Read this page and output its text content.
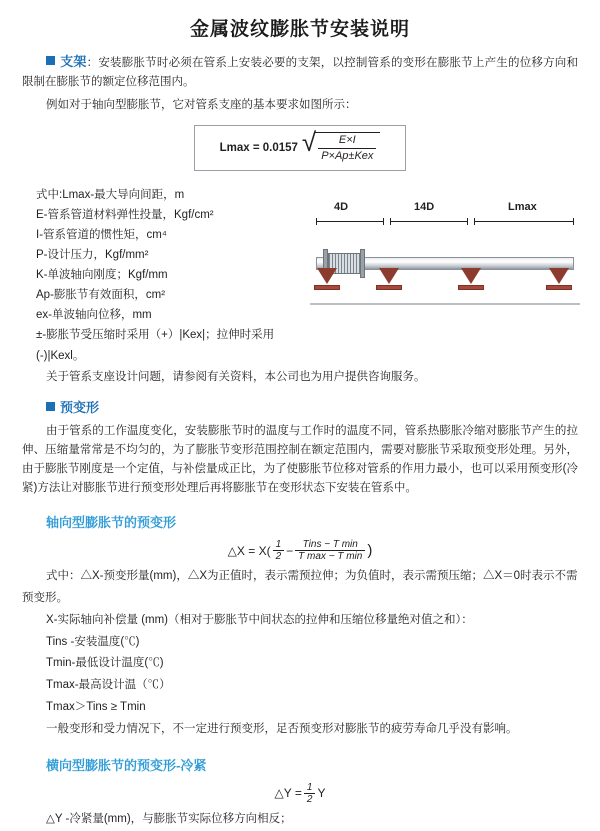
金属波纹膨胀节安装说明

支架：安装膨胀节时必须在管系上安装必要的支架，以控制管系的变形在膨胀节上产生的位移方向和限制在膨胀节的额定位移范围内。

例如对于轴向型膨胀节，它对管系支座的基本要求如图所示：

Lmax = 0.0157 √
$\frac{E\times I}{\text{P×Ap±Kex}}$
式中:Lmax-最大导向间距，m
E-管系管道材料弹性投量，Kgf/cm²
I-管系管道的惯性矩，cm⁴
P-设计压力，Kgf/mm²
K-单波轴向刚度；Kgf/mm
Ap-膨胀节有效面积，cm²
ex-单波轴向位移，mm
±-膨胀节受压缩时采用（+）|Kex|；拉伸时采用(-)|Kexl。
4D	14D	Lmax

关于管系支座设计问题，请参阅有关资料，本公司也为用户提供咨询服务。

预变形

由于管系的工作温度变化，安装膨胀节时的温度与工作时的温度不同，管系热膨胀冷缩对膨胀节产生的拉伸、压缩量常常是不均匀的，为了膨胀节变形范围控制在额定范围内，需要对膨胀节采取预变形处理。另外，由于膨胀节刚度是一个定值，与补偿量成正比，为了使膨胀节位移对管系的作用力最小，也可以采用预变形(冷紧)方法让对膨胀节进行预变形处理后再将膨胀节在变形状态下安装在管系中。

轴向型膨胀节的预变形
△X = $X( \frac{1}{2} - \frac{\text{Tins − T min}}{\text{T max − T min}}$ )
式中：△X-预变形量(mm)，△X为正值时，表示需预拉伸；为负值时，表示需预压缩；△X＝0时表示不需预变形。
X-实际轴向补偿量 (mm)（相对于膨胀节中间状态的拉伸和压缩位移量绝对值之和）：
Tins -安装温度(℃)
Tmin-最低设计温度(℃)
Tmax-最高设计温（℃）
Tmax＞Tins ≥ Tmin
一般变形和受力情况下，不一定进行预变形，足否预变形对膨胀节的疲劳寿命几乎没有影响。
横向型膨胀节的预变形-冷紧
△Y = $\frac{1}{2}$ Y
△Y -冷紧量(mm)，与膨胀节实际位移方向相反；
